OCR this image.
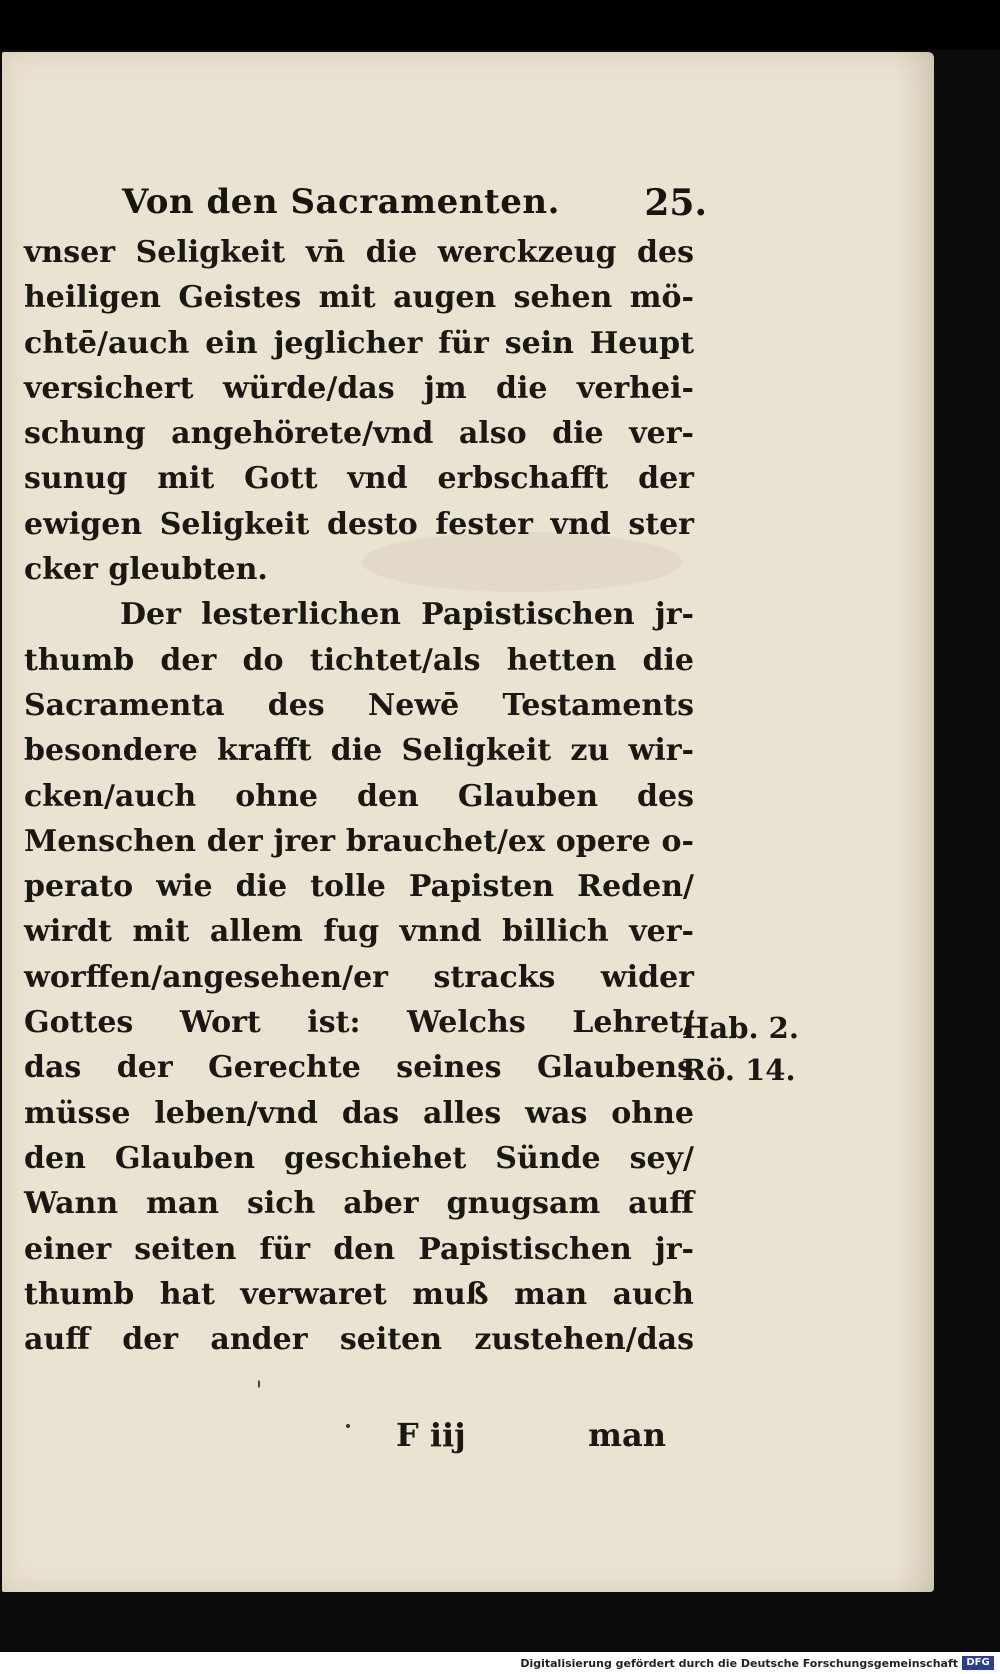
Von den Sacramenten. 25.
vnser Seligkeit vn̄ die werckzeug des
heiligen Geistes mit augen sehen mö-
chtē/auch ein jeglicher für sein Heupt
versichert würde/das jm die verhei-
schung angehörete/vnd also die ver-
sunug mit Gott vnd erbschafft der
ewigen Seligkeit desto fester vnd ster
cker gleubten.
Der lesterlichen Papistischen jr-
thumb der do tichtet/als hetten die
Sacramenta des Newē Testaments
besondere krafft die Seligkeit zu wir-
cken/auch ohne den Glauben des
Menschen der jrer brauchet/ex opere o-
perato wie die tolle Papisten Reden/
wirdt mit allem fug vnnd billich ver-
worffen/angesehen/er stracks wider
Gottes Wort ist: Welchs Lehret/
das der Gerechte seines Glaubens
müsse leben/vnd das alles was ohne
den Glauben geschiehet Sünde sey/
Wann man sich aber gnugsam auff
einer seiten für den Papistischen jr-
thumb hat verwaret muß man auch
auff der ander seiten zustehen/das
Hab. 2.
Rö. 14.
F iij	man
Digitalisierung gefördert durch die Deutsche Forschungsgemeinschaft DFG
